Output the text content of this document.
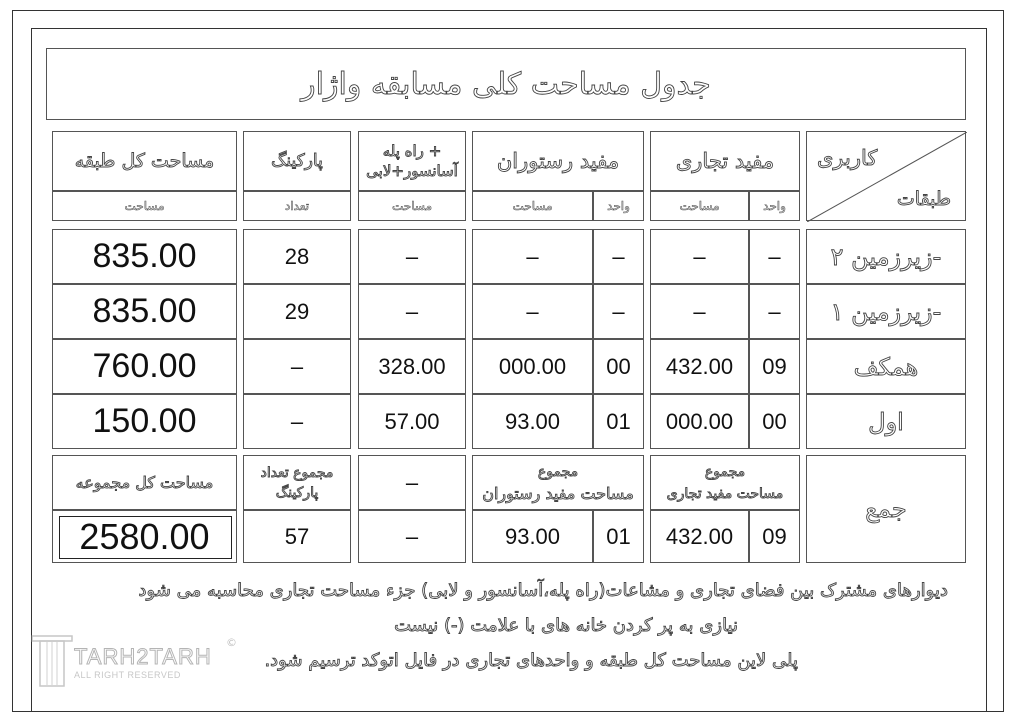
جدول مساحت کلی مسابقه واژار
کاربری
طبقات
مفید تجاری
واحد
مساحت
مفید رستوران
واحد
مساحت
راه پله +
آسانسور+لابی
مساحت
پارکینگ
تعداد
مساحت کل طبقه
مساحت
زیرزمین ۲-
–
–
–
–
–
28
835.00
زیرزمین ۱-
–
–
–
–
–
29
835.00
همکف
09
432.00
00
000.00
328.00
–
760.00
اول
00
000.00
01
93.00
57.00
–
150.00
جمع
مجموع
مساحت مفید تجاری
مجموع
مساحت مفید رستوران
–
مجموع تعداد
پارکینگ
مساحت کل مجموعه
09
432.00
01
93.00
–
57
2580.00
دیوارهای مشترک بین فضای تجاری و مشاعات(راه پله،آسانسور و لابی) جزء مساحت تجاری محاسبه می شود
نیازی به پر کردن خانه های با علامت (-) نیست
پلی لاین مساحت کل طبقه و واحدهای تجاری در فایل اتوکد ترسیم شود.
TARH2TARH
ALL RIGHT RESERVED
©
